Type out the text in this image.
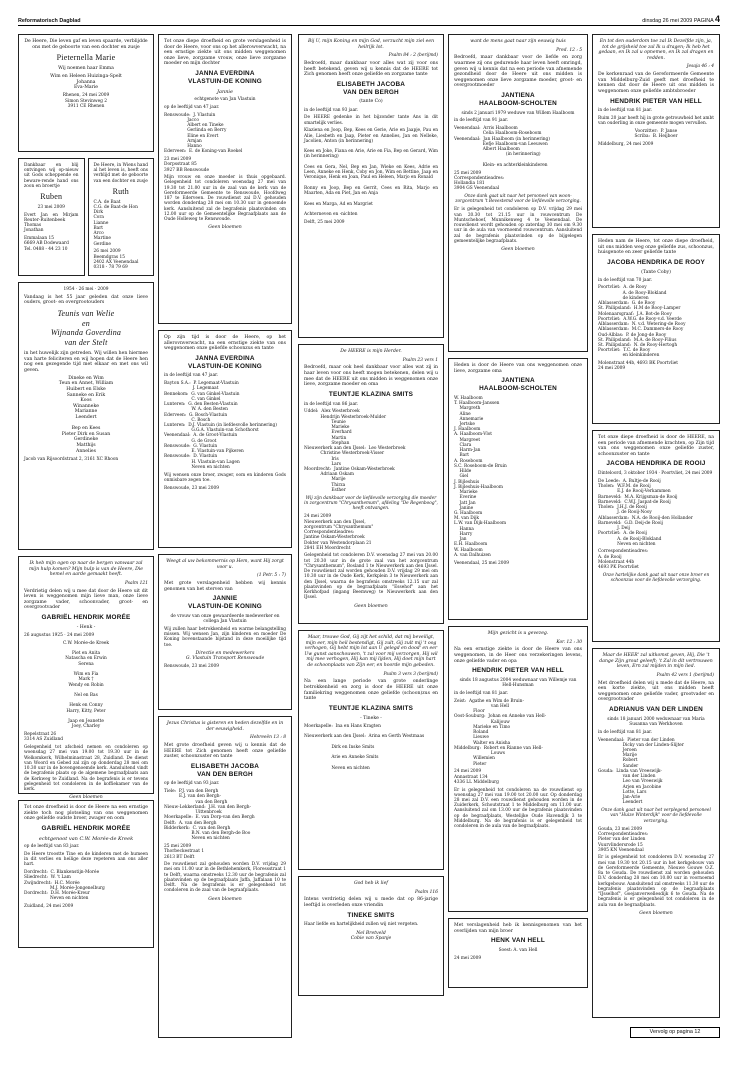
Reformatorisch Dagblad	dinsdag 26 mei 2009 PAGINA 4

De Heere, Die leven gaf en leven spaarde, verblijdde ons met de geboorte van een dochter en zusje

Pieternella Marie

Wij noemen haar Emma

Wim en Heleen Huizinga-Spelt
Johanna
Eva-Marie

Rhenen, 24 mei 2009
Simon Stevinweg 2
3911 CE Rhenen

Dankbaar en blij ontvingen wij op-nieuw uit Gods scheppende en beware-rende hand ons zoon en broertje

Ruben

23 mei 2009

Evert Jan en Mirjam Reuter-Ruitenbeek
Thomas
Jonathan

Emmalaan 15
6669 AB Dodewaard
Tel. 0488 - 44 23 10

De Heere, in Wiens hand al het leven is, heeft ons verblijd met de geboorte van een dochter en zusje

Ruth

C.A. de Baat
C.G. de Baat-de Hon
Dirk
Cora
Lianne
Bart
Arco
Martine
Gerdine

26 mei 2009
Beemdgras 15
2402 AX Veenendaal
0318 - 78 79 69

1954 · 26 mei · 2009

Vandaag is het 55 jaar geleden dat onze lieve ouders, groot- en overgrootouders

Teunis van Welie
en
Wijnanda Goverdina
van der Stelt

in het huwelijk zijn getreden. Wij willen hen hiermee van harte feliciteren en wij hopen dat de Heere hen nog een gezegende tijd met elkaar en met ons wil geven.

Dineke en Wim
Teun en Annet, William
Huibert en Elske
Sanneke en Erik
Koos
Winanneke
Marianne
Leendert

Bep en Kees
Pieter Dirk en Susan
Gerdineke
Matthijs
Annelies

Jacob van Rijsoordstraat 2, 3161 XC Rhoon

Ik heb mijn ogen op naar de bergen vanwaar zal mijn hulp komen? Mijn hulp is van de Heere, Die hemel en aarde gemaakt heeft.

Psalm 121

Verdrietig delen wij u mee dat door de Heere uit dit leven is weggenomen mijn lieve man, onze lieve zorgzame vader, schoonvader, groot- en overgrootvader

GABRIËL HENDRIK MORÉE

- Henk -

26 augustus 1925 · 24 mei 2009

C.W. Morée-de Kreek

Piet en Anita
Natascha en Erwin
Serena

Wim en Fia
Mark †
Wendy en Robin

Nel en Bas

Henk en Conny
Harry, Kitty, Peter

Jaap en Jeanette
Joey, Charley

Repelstraat 26
3314 AS Zuidland

Gelegenheid tot afscheid nemen en condoleren op woensdag 27 mei van 19.00 tot 19.30 uur in de Welkomkerk, Wilhelminastraat 28, Zuidland. De dienst van Woord en Gebed zal zijn op donderdag 28 mei om 10.30 uur in de bovengenoemde kerk. Aansluitend vindt de begrafenis plaats op de algemene begraafplaats aan de Kerkweg te Zuidland. Na de begrafenis is er tevens gelegenheid tot condoleren in de koffiekamer van de kerk.

Geen bloemen

Tot onze droefheid is door de Heere na een ernstige ziekte toch nog plotseling van ons weggenomen onze geliefde oudste broer, zwager en oom

GABRIËL HENDRIK MORÉE

echtgenoot van C.W. Morée-de Kreek

op de leeftijd van 83 jaar.

De Heere troostte Tine en de kinderen met de humeen in dit verlies en heilige deze repeteren aan ons aller hart.

Dordrecht:  C. Blankenstijn-Morée
Sliedrecht:  W. 't Lam
Zwijndrecht:  H.C. Morée
M.J. Morée-Jongenelburg
Dordrecht:  D.H. Morée-Kreur
Neven en nichten

Zuidland, 24 mei 2009

Tot onze diepe droefheid en grote verslagenheid is door de Heere, voor ons op het allerowverwacht, na een ernstige ziekte uit ons midden weggenomen onze lieve, zorgzame vrouw, onze lieve zorgzame moeder en mijn dochter

JANNA EVERDINA
VLASTUIN-DE KONING

Jannie

echtgenote van Jan Vlastuin

op de leeftijd van 47 jaar.

Renswoude:  J. Vlastuin
Jacco
Albert en Tineke
Gerlinda en Berry
Eline en Evert
Arnjan
Hanno
Ederveen:  E. de Koning-van Roekel

23 mei 2009
Dorpsstraat 85
3927 BB Renswoude

Mijn vrouw en onze moeder is thuis opgebaard. Gelegenheid tot condoleren woensdag 27 mei van 19.30 tot 21.00 uur in de zaal van de kerk van de Gereformeerde Gemeente te Renswoude, Hoofdweg 187 te Ederveen. De rouwdienst zal D.V. gehouden worden donderdag 28 mei om 10.30 uur in genoemde kerk. Aansluitend zal de begrafenis plaatsvinden om 12.00 uur op de Gemeentelijke Begraafplaats aan de Oude Holleweg te Renswoude.

Geen bloemen

Op zijn tijd is door de Heere, op het allerovnverwacht, na een ernstige ziekte van ons weggenomen onze geliefde schoonzus en tante

JANNA EVERDINA
VLASTUIN-DE KONING

in de leeftijd van 47 jaar.

Bayton S.A.:  P. Legemaat-Vlastuin
J. Legemaat
Bennekom:  G. van Ginkel-Vlastuin
C. van Ginkel
Lunteren:  G. den Besten-Vlastuin
W. A. den Besten
Ederveen:  G. Bosch-Vlastuin
C. Bosch
Lunteren:  D.J. Vlastuin (in liefdesvolle herinnering)
G.G.A. Vlastuin-van Schothorst
Veenendaal:  A. de Groot-Vlastuin
G. de Groot
Renswoude:  G. Vlastuin
E. Vlastuin-van Pijkeren
Renswoude:  D. Vlastuin
H. Vlastuin-van Lagen
Neven en nichten

Wij wensen onze broer, zwager, oom en kinderen Gods onmisbare zegen toe.

Renswoude, 23 mei 2009

Weegt al uw bekommernis op Hem, want Hij zorgt voor u.

(1 Petr. 5 : 7)

Met grote verslagenheid hebben wij kennis genomen van het sterven van

JANNIE
VLASTUIN-DE KONING

de vrouw van onze gewaardeerde medewerker en collega Jan Vlastuin

Wij zullen haar betrokkenheid en warme belangstelling missen. Wij wensen Jan, zijn kinderen en moeder De Koning bovenstaande bijstand in deze moeilijke tijd toe.

Directie en medewerkers
G. Vlastuin Transport Renswoude

Renswoude, 23 mei 2009

Jezus Christus is gisteren en heden dezelfde en in der eeuwigheid.

Hebreeën 13 : 8

Met grote droefheid geven wij u kennis dat de HEERE tot Zich genomen heeft onze geliefde zuster, schoonzuster en tante

ELISABETH JACOBA
VAN DEN BERGH

op de leeftijd van 93 jaar.

Tiele:  P.J. van den Bergh
E.J. van den Bergh-
van den Bergh
Nieuw-Lekkerland:  J.H. van den Bergh-
Uittenbroek
Moerkapelle:  E. van Dorp-van den Bergh
Delft:  A. van den Bergh
Bidderkerk:  C. van den Bergh
B.N. van den Bergh-de Boo
Neven en nichten

25 mei 2009
Thorbeckestraat 1
2613 BT Delft

De rouwdienst zal gehouden worden D.V. vrijdag 29 mei om 11.00 uur in de Bethlehemkerk, Floressstraat 1 te Delft, waarna omstreeks 12.30 uur de begrafenis zal plaatsvinden op de begraafplaats Jaffa, Jaffalaan 10 te Delft. Na de begrafenis is er gelegenheid tot condoleren in de zaal van de begraafplaats.

Geen bloemen

Bij U, mijn Koning en mijn God, verzucht mijn ziel een heilrijk lot.

Psalm 84 : 2 (berijmd)

Bedroefd, maar dankbaar voor alles wat zij voor ons heeft betekend, geven wij u kennis dat de HEERE tot Zich genomen heeft onze geliefde en zorgzame tante

ELISABETH JACOBA
VAN DEN BERGH

(tante Co)

in de leeftijd van 93 jaar.

De HEERE gedenke in het bijzonder tante Ans in dit smartelijk verlies.

Klaziena en Joop, Bep, Kees en Gerie, Arie en Jaapje, Pau en Alie, Liesbeth en Jaap, Pieter en Annelies, Jan en Nelleke, Jacolien, Anton (in herinnering)

Kees en Joke, Fiana en Arie, Arie en Fia, Bep en Gerard, Wim (in herinnering)

Cees en Gera, Nel, Bep en Jan, Wieke en Kees, Adrie en Leen, Anneke en Henk, Coby en Jon, Wim en Bettine, Jaap en Veronique, Henk en Joan, Paul en Heleen, Marjo en Ronald

Ronny en Joop, Bep en Gerrit, Cees en Rita, Marjo en Maarten, Ada en Piet, Jan en Anja

Kees en Marga, Ad en Margriet

Achterneven en -nichten

Delft, 25 mei 2009

De HEERE is mijn Herder.

Psalm 23 vers 1

Bedroefd, maar ook heel dankbaar voor alles wat zij in haar leven voor ons heeft mogen betekenen, delen wij u mee dat de HEERE uit ons midden is weggenomen onze lieve, zorgzame moeder en oma

TEUNTJE KLAZINA SMITS

in de leeftijd van 86 jaar.

Uddel:  Alex Westerbroek
Hendrijn Westerbroek-Mulder
Teunie
Marieke
Everhard
Martin
Stephan
Nieuwerkerk aan den IJssel:  Leo Westerbroek
Christine Westerbroek-Visser
Iris
Lars
Moordrecht:  Jantine Oskam-Westerbroek
Adriaan Oskam
Marije
Thirza
Esther

Wij zijn dankbaar voor de liefdevolle verzorging die moeder in zorgcentrum "Chrysanthemum", afdeling "De Regenboog", heeft ontvangen.

24 mei 2009
Nieuwerkerk aan den IJssel,
zorgcentrum "Chrysanthemum"
Correspondentieadres:
Jantine Oskam-Westerbroek
Dokter van Westendorplaan 21
2841 EH Moordrecht

Gelegenheid tot condoleren D.V. woensdag 27 mei van 20.00 tot 20.30 uur in de grote zaal van het zorgcentrum "Chrysanthemum", Bosland 1 te Nieuwerkerk aan den IJssel. De rouwdienst zal worden gehouden D.V. vrijdag 29 mei om 10.30 uur in de Oude Kerk, Kerkplein 3 te Nieuwerkerk aan den IJssel, waarna de begrafenis omstreeks 12.15 uur zal plaatsvinden op de begraafplaats "Essehof" aan het Kerkhofpad (ingang Beemweg) te Nieuwerkerk aan den IJssel.

Geen bloemen

Maar, trouwe God, Gij zijt het schild, dat mij beveiligt, mijn eer, mijn heil bestendigt, Gij zult, Gij zult mij 't oog verhogen, Gij hebt mijn lot aan U gelegd en dood' en eer Uw gunst aanschouwen, 't zal voor mij verzorgen, Hij wil mij mee verhogen, Hij kan mij lijden, Hij doet mijn hart de schoonplaats van Zijn eer, en hoorde mijn gebeden.

Psalm 3 vers 3 (berijmd)

Na een lange periode van grote onderlinge betrokkenheid en zorg is door de HEERE uit onze familiekring weggenomen onze geliefde (schoon)zus en tante

TEUNTJE KLAZINA SMITS

- Tineke -

Moerkapelle:  Ina en Hans Kragten

Nieuwerkerk aan den IJssel:  Arina en Gerth Westmaas

Dirk en Inske Smits

Arie en Anneke Smits

Neven en nichten

God heb ik lief

Psalm 116

Intens verdrietig delen wij u mede dat op 86-jarige leeftijd is overleden onze vriendin

TINEKE SMITS

Haar liefde en hartelijkheid zullen wij niet vergeten.

Nel Bretveld
Cobie van Spanje

want de mens gaat naar zijn eeuwig huis

Pred. 12 : 5

Bedroefd, maar dankbaar voor de liefde en zorg waarmee zij ons gedurende haar leven heeft omringd, geven wij u kennis dat na een periode van afnemende gezondheid door de Heere uit ons midden is weggenomen onze lieve zorgzame moeder, groot- en overgrootmoeder

JANTIENA
HAALBOOM-SCHOLTEN

sinds 2 januari 1979 weduwe van Willem Haalboom

in de leeftijd van 91 jaar.

Veenendaal:  Arris Haalboom
Celia Haalboom-Roseboom
Veenendaal:  Jan Haalboom (in herinnering)
Eefje Haalboom-van Leeuwen
Albert Haalboom
(in herinnering)

Klein- en achterkleinkinderen

25 mei 2009
Correspondentieadres:
Hollandia 181
3904 GS Veenendaal

Onze dank gaat uit naar het personeel van woon-zorgcentrum 't Bevestemd voor de liefdevolle verzorging.

Er is gelegenheid tot condoleren op D.V. vrijdag 29 mei van 20.30 tot 21.15 uur in rouwcentrum De Muntschehoef, Munnikenweg 4 te Veenendaal. De rouwdienst wordt gehouden op zaterdag 30 mei om 9.30 uur in de aula van voornoemd rouwcentrum. Aansluitend zal de begrafenis plaatsvinden op de bijgelegen gemeentelijke begraafplaats.

Geen bloemen

Heden is door de Heere van ons weggenomen onze lieve, zorgzame oma

JANTIENA
HAALBOOM-SCHOLTEN

W. Haalboom
T. Haalboom-Janssen
Margreth
Aline
Annemarie
Jertske
J. Haalboom
A. Haalboom-Vlot
Margreet
Clara
Harm-Jan
Bart
A. Roseboom
S.C. Roseboom-de Bruin
Hilde
Giel
J. Bijleshuis
J. Bijleshuis-Haalboom
Marieke
Everine
Jatt Jan
Janine
G. Haalboom
M. van Dijk
L.W. van Dijk-Haalboom
Hanna
Harry
Jan
E.H. Haalboom
W. Haalboom
A. van Dalhuizen

Veenendaal, 25 mei 2009

Mijn gezicht is u gevezeg.

Kor. 12 : 30

Na een ernstige ziekte is door de Heere van ons weggenomen, in de Heer ons verzekeringen levens, onze geliefde vader en opa

HENDRIK PIETER VAN HELL

sinds 18 augustus 2004 weduwnaar van Willemje van Hell-Hunsman

in de leeftijd van 81 jaar.

Zeist:  Agathe en Wim de Bruin-
van Hell
Floor
Oost-Souburg:  Johan en Anneke van Hell-
Kalijouw
Marieke en Timo
Roland
Lieuwe
Walter en Anisha
Middelburg:  Robert en Rianne van Hell-
Louws
Willemien
Pieter

24 mei 2009
Annastraat 134
4336 LL Middelburg

Er is gelegenheid tot condoleren na de rouwdienst op woensdag 27 mei van 19.00 tot 20.00 uur. Op donderdag 28 mei zal D.V. een rouwdienst gehouden worden in de Zuiderkerk, Schoutstraat 1 te Middelburg om 11.00 uur. Aansluitend zal om 13.00 uur de begrafenis plaatsvinden op de begraafplaats, Westelijke Oude Havendijk 3 te Middelburg. Na de begrafenis is er gelegenheid tot condoleren in de aula van de begraafplaats.

Met verslagenheid heb ik kennisgenomen van het overlijden van mijn broer

HENK VAN HELL

Soest: A. van Hell

24 mei 2009

En tot den ouderdom toe zal Ik Dezelfde zijn, ja, tot de grijsheid toe zal Ik u dragen; Ik heb het gedaan, en Ik zal u opnemen, en Ik zal dragen en redden.

Jesaja 46 : 4

De kerkenraad van de Gereformeerde Gemeente van Middelburg-Zuid geeft met droefheid te kennen dat door de Heere uit ons midden is weggenomen onze geliefde ambtsbroeder

HENDRIK PIETER VAN HELL

in de leeftijd van 81 jaar.

Ruim 20 jaar heeft hij in grote getrouwheid het ambt van ouderling in onze gemeente mogen vervullen.

Voorzitter:  P. Janse
Scriba:  B. Heijboer

Middelburg, 24 mei 2009

Heden nam de Heere, tot onze diepe droefheid, uit ons midden weg onze geliefde zus, schoonzus, huisgenote en zeer geliefde tante

JACOBA HENDRIKA DE ROOY

(Tante Coby)

in de leeftijd van 70 jaar.

Poortvliet:  A. de Rooy
A. de Rooy-Blokland
de kinderen
Alblasserdam:  G. de Rooy
St. Philipsland:  H.M de Rooy-Lamper
Molenaarsgraaf:  J.A. Bot-de Rooy
Poortvliet:  A.W.G. de Rooy-v.d. Veerde
Alblasserdam:  N. v.d. Wetering-de Rooy
Alblasserdam:  M.C. Dammers-de Rooy
Oud-Alblas:  P. de Jong-de Rooy
St. Philipsland:  M.A. de Rooy-Filius
St. Philipsland:  N. de Rooy-Hertogh
Poortvliet:  T.C. de Rooy
en kleinkinderen

Molenstraat 44b, 4693 BK Poortvliet
24 mei 2009

Tot onze diepe droefheid is door de HEERE, na een periode van afnemende krachten, op Zijn tijd van ons weggenomen onze geliefde zuster, schoonzuster en tante

JACOBA HENDRIKA DE ROOIJ

Dinteloord, 3 oktober 1934 · Poortvliet, 24 mei 2009

De Leede:  A. Bultje-de Rooij
Tholen:  W.F.M. de Rooij
E.J. de Rooij-Verkammen
Barneveld:  M.A. Krijgsman-de Rooij
Barneveld:  C.W.J. Jaspat-de Rooij
Tholen:  J.H.J. de Rooij
J. de Rooij-Nooy
Alblasserdam:  N.A. de Rooij-den Hollander
Barneveld:  G.D. Deij-de Rooij
J. Deij
Poortvliet:  A. de Rooij
A. de Rooij-Blokland
Neven en nichten

Correspondentieadres:
A. de Rooij
Molenstraat 44b
4693 PK Poortvliet

Onze hartelijke dank gaat uit naar onze broer en schoonzus voor de liefdevolle verzorging.

Maar de HEER' zal uitkomst geven, Hij, Die 't dange Zijn grout geleeft; 't Zal in dit vertrouwen leven, Ern zal mijden in mijn lied.

Psalm 42 vers 1 (berijmd)

Met droefheid delen wij u mede dat de Heere, na een korte ziekte, uit ons midden heeft weggenomen onze geliefde vader, grootvader en overgrootvader

ADRIANUS VAN DER LINDEN

sinds 18 januari 2000 weduwnaar van Maria Susanna van Werkhoven

in de leeftijd van 81 jaar.

Veenendaal:  Pieter van der Linden
Dicky van der Linden-Slijter
Jeroen
Marije
Robert
Sander
Gouda:  Linda van Vreeswijk-
van der Linden
Leo van Vreeswijk
Arjen en Jacobine
Lotte, Lars
Jan-Arie
Leendert

Onze dank gaat uit naar het verplegend personeel van "Huize Winterdijk" voor de liefdevolle verzorging.

Gouda, 23 mei 2009
Correspondentieadres:
Pieter van der Linden
Vuurvlindersrode 15
3905 KN Veenendaal

Er is gelegenheid tot condoleren D.V. woensdag 27 mei van 19.30 tot 20.15 uur in het kerkgebouw van de Gereformeerde Gemeente, Nieuwe Gouwe O.Z. 8a te Gouda. De rouwdienst zal worden gehouden D.V. donderdag 28 mei om 10.00 uur in voornoemd kerkgebouw. Aansluitend zal omstreeks 11.30 uur de begrafenis plaatsvinden op de begraafplaats "IJsselhof", Goejanverwellesdijk 6 te Gouda. Na de begrafenis is er gelegenheid tot condoleren in de aula van de begraafplaats.

Geen bloemen

Vervolg op pagina 12
